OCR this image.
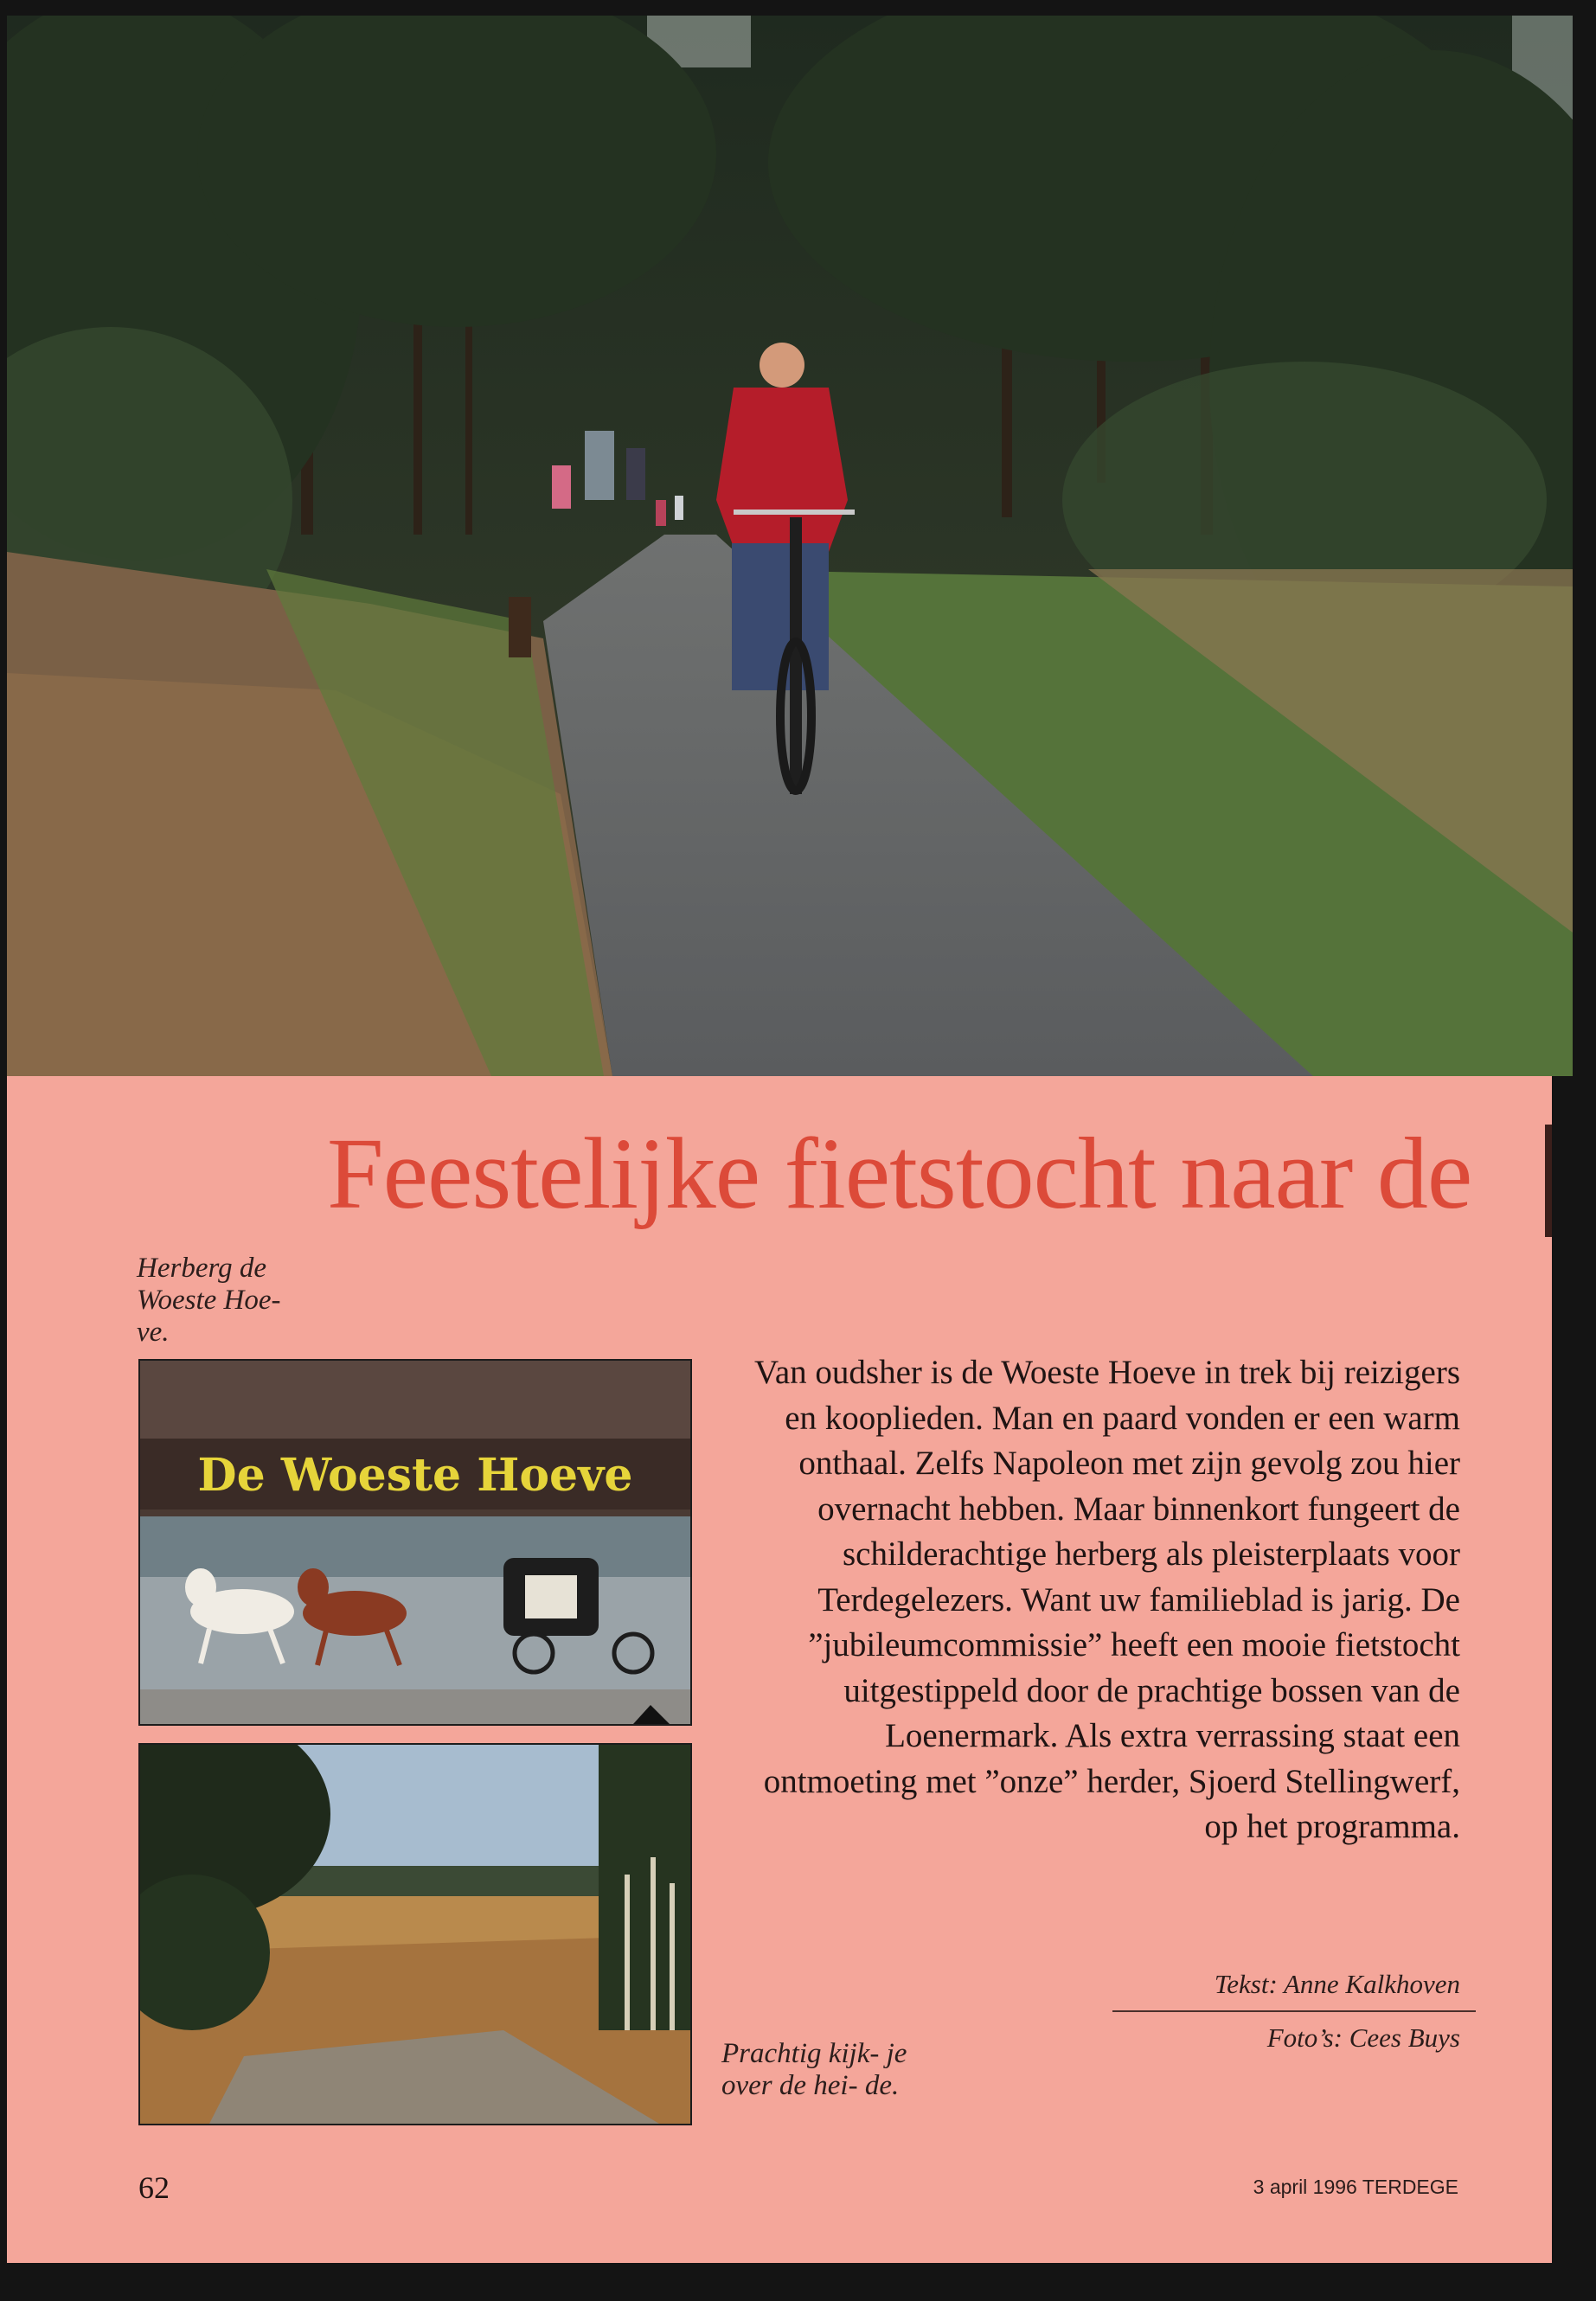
Feestelijke fietstocht naar de
Herberg de Woeste Hoe- ve.
De Woeste Hoeve
Prachtig kijk- je over de hei- de.
Van oudsher is de Woeste Hoeve in trek bij reizigers en kooplieden. Man en paard vonden er een warm onthaal. Zelfs Napoleon met zijn gevolg zou hier overnacht hebben. Maar binnenkort fungeert de schilderachtige herberg als pleisterplaats voor Terdegelezers. Want uw familieblad is jarig. De ”jubileumcommissie” heeft een mooie fietstocht uitgestippeld door de prachtige bossen van de Loenermark. Als extra verrassing staat een ontmoeting met ”onze” herder, Sjoerd Stellingwerf, op het programma.
Tekst: Anne Kalkhoven
Foto’s: Cees Buys
62	3 april 1996 TERDEGE
